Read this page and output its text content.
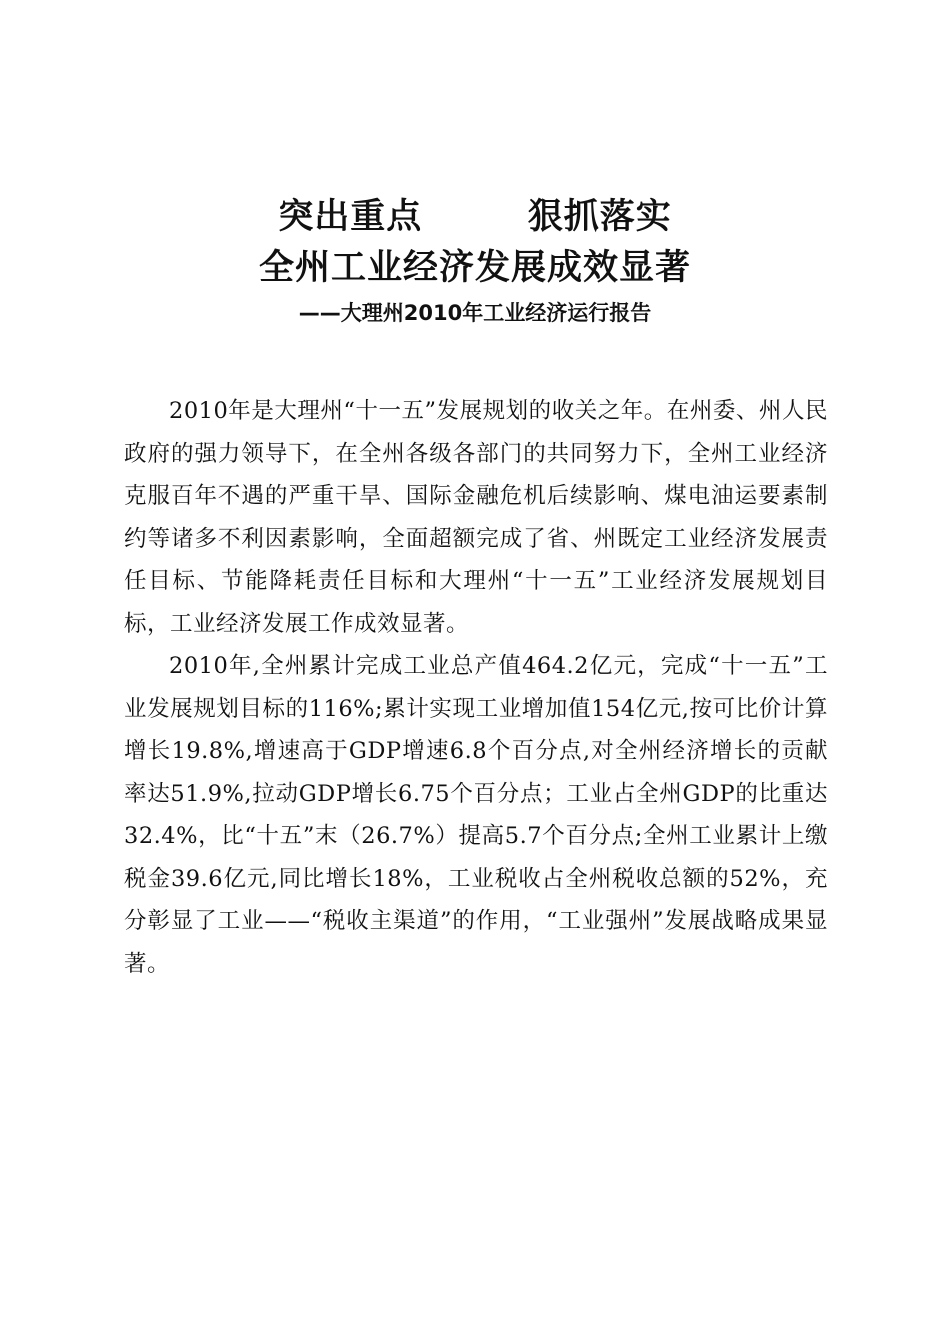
突出重点        狠抓落实
全州工业经济发展成效显著
——大理州2010年工业经济运行报告

2010年是大理州“十一五”发展规划的收关之年。在州委、州人民政府的强力领导下，在全州各级各部门的共同努力下，全州工业经济克服百年不遇的严重干旱、国际金融危机后续影响、煤电油运要素制约等诸多不利因素影响，全面超额完成了省、州既定工业经济发展责任目标、节能降耗责任目标和大理州“十一五”工业经济发展规划目标，工业经济发展工作成效显著。

2010年,全州累计完成工业总产值464.2亿元，完成“十一五”工业发展规划目标的116%;累计实现工业增加值154亿元,按可比价计算增长19.8%,增速高于GDP增速6.8个百分点,对全州经济增长的贡献率达51.9%,拉动GDP增长6.75个百分点；工业占全州GDP的比重达32.4%，比“十五”末（26.7%）提高5.7个百分点;全州工业累计上缴税金39.6亿元,同比增长18%，工业税收占全州税收总额的52%，充分彰显了工业——“税收主渠道”的作用，“工业强州”发展战略成果显著。
